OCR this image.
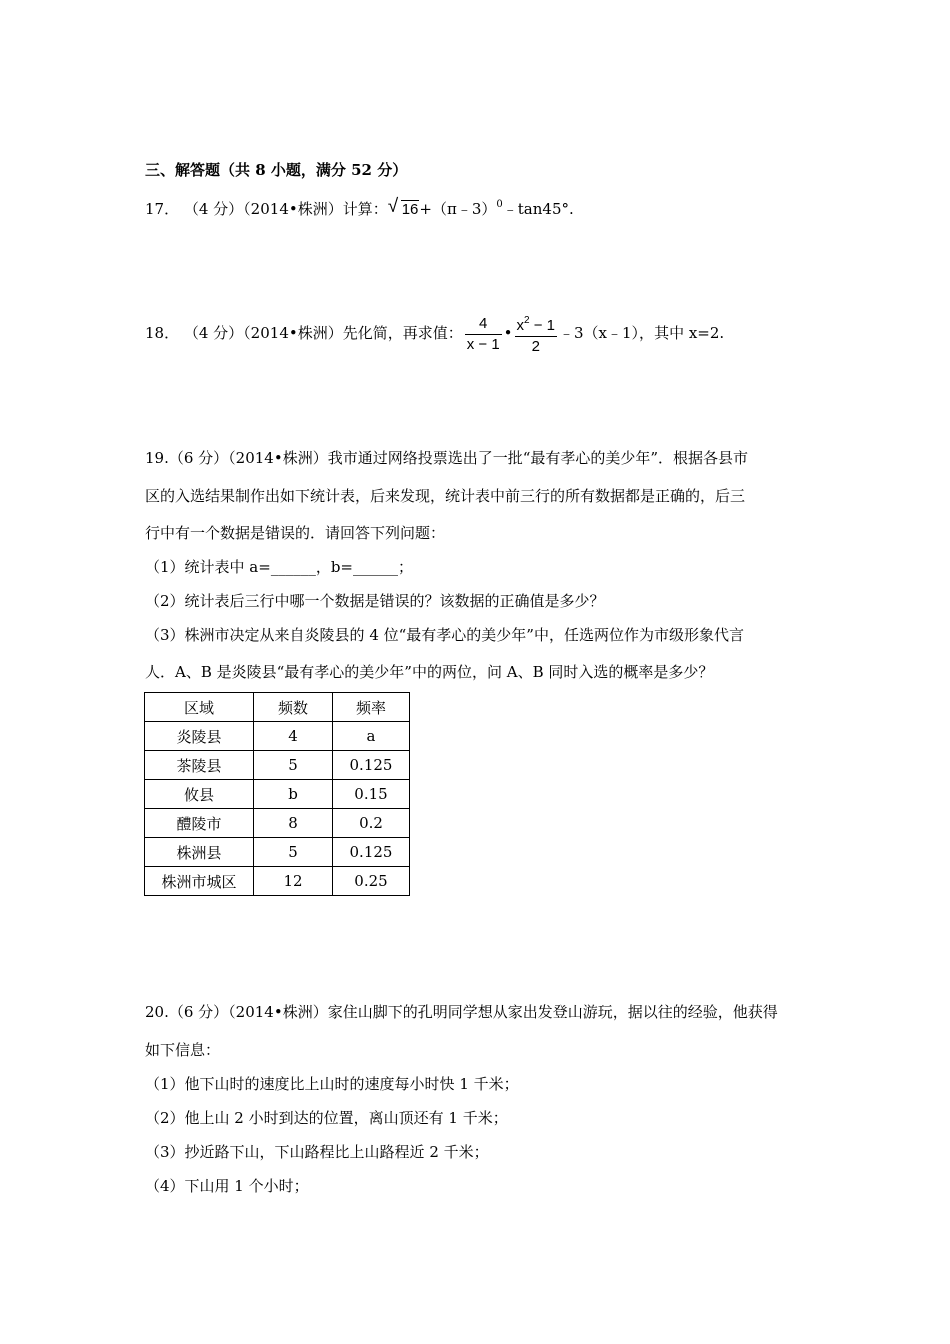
三、解答题（共 8 小题，满分 52 分）
17． （4 分）（2014•株洲）计算： √ 16+（π﹣3）$^0$﹣tan45°.
18． （4 分）（2014•株洲）先化简，再求值： $\frac{4}{x - 1}$ • $\frac{x^2 - 1}{2}$ ﹣3（x﹣1），其中 x=2.
19.（6 分）（2014•株洲）我市通过网络投票选出了一批“最有孝心的美少年”．根据各县市
区的入选结果制作出如下统计表，后来发现，统计表中前三行的所有数据都是正确的，后三
行中有一个数据是错误的．请回答下列问题：
（1）统计表中 a=______，b=______；
（2）统计表后三行中哪一个数据是错误的？该数据的正确值是多少？
（3）株洲市决定从来自炎陵县的 4 位“最有孝心的美少年”中，任选两位作为市级形象代言
人．A、B 是炎陵县“最有孝心的美少年”中的两位，问 A、B 同时入选的概率是多少？
区域	频数	频率
炎陵县	4	a
茶陵县	5	0.125
攸县	b	0.15
醴陵市	8	0.2
株洲县	5	0.125
株洲市城区	12	0.25
20.（6 分）（2014•株洲）家住山脚下的孔明同学想从家出发登山游玩，据以往的经验，他获得
如下信息：
（1）他下山时的速度比上山时的速度每小时快 1 千米；
（2）他上山 2 小时到达的位置，离山顶还有 1 千米；
（3）抄近路下山，下山路程比上山路程近 2 千米；
（4）下山用 1 个小时；
